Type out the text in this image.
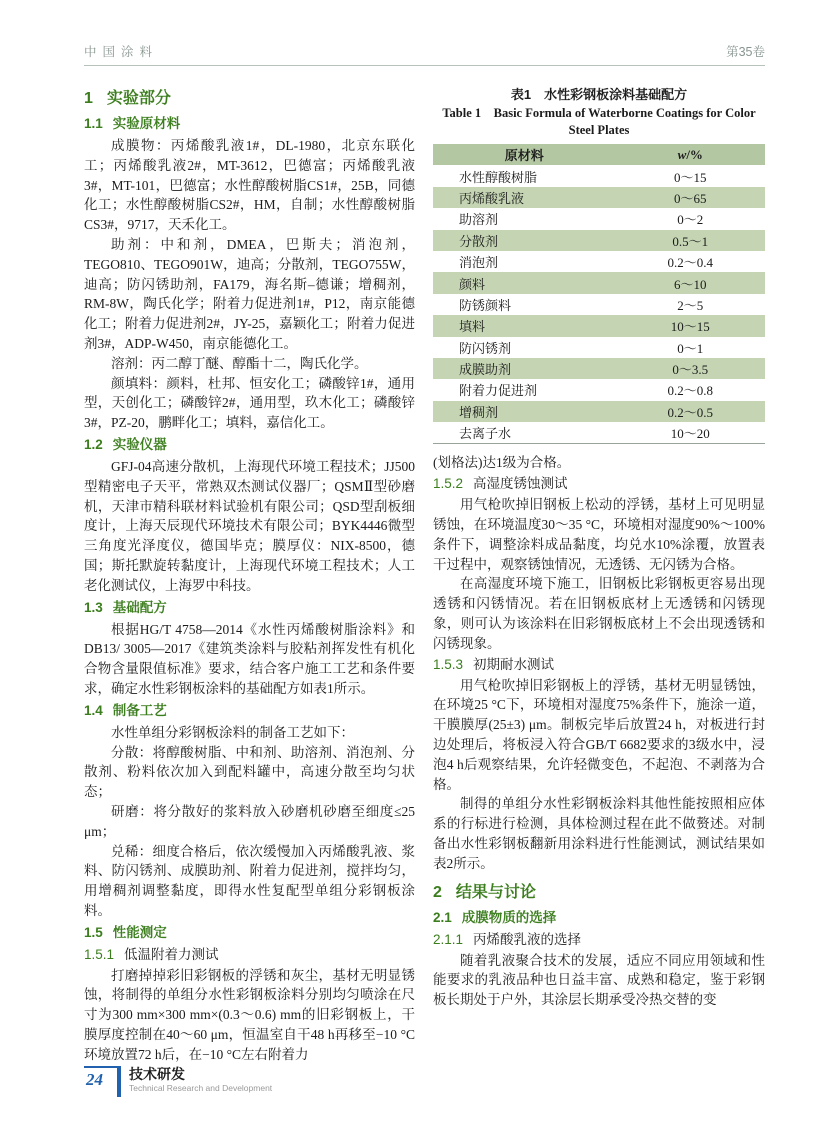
中国涂料	第35卷
1 实验部分
1.1 实验原材料

成膜物：丙烯酸乳液1#，DL-1980，北京东联化工；丙烯酸乳液2#，MT-3612，巴德富；丙烯酸乳液3#，MT-101，巴德富；水性醇酸树脂CS1#，25B，同德化工；水性醇酸树脂CS2#，HM，自制；水性醇酸树脂CS3#，9717，天禾化工。

助剂：中和剂，DMEA，巴斯夫；消泡剂，TEGO810、TEGO901W，迪高；分散剂，TEGO755W，迪高；防闪锈助剂，FA179，海名斯–德谦；增稠剂，RM-8W，陶氏化学；附着力促进剂1#，P12，南京能德化工；附着力促进剂2#，JY-25，嘉颖化工；附着力促进剂3#，ADP-W450，南京能德化工。

溶剂：丙二醇丁醚、醇酯十二，陶氏化学。

颜填料：颜料，杜邦、恒安化工；磷酸锌1#，通用型，天创化工；磷酸锌2#，通用型，玖木化工；磷酸锌3#，PZ-20，鹏畔化工；填料，嘉信化工。

1.2 实验仪器

GFJ-04高速分散机，上海现代环境工程技术；JJ500型精密电子天平，常熟双杰测试仪器厂；QSMⅡ型砂磨机，天津市精科联材料试验机有限公司；QSD型刮板细度计，上海天辰现代环境技术有限公司；BYK4446微型三角度光泽度仪，德国毕克；膜厚仪：NIX-8500，德国；斯托默旋转黏度计，上海现代环境工程技术；人工老化测试仪，上海罗中科技。

1.3 基础配方

根据HG/T 4758—2014《水性丙烯酸树脂涂料》和DB13/ 3005—2017《建筑类涂料与胶粘剂挥发性有机化合物含量限值标准》要求，结合客户施工工艺和条件要求，确定水性彩钢板涂料的基础配方如表1所示。

1.4 制备工艺

水性单组分彩钢板涂料的制备工艺如下：

分散：将醇酸树脂、中和剂、助溶剂、消泡剂、分散剂、粉料依次加入到配料罐中，高速分散至均匀状态；

研磨：将分散好的浆料放入砂磨机砂磨至细度≤25 μm；

兑稀：细度合格后，依次缓慢加入丙烯酸乳液、浆料、防闪锈剂、成膜助剂、附着力促进剂，搅拌均匀，用增稠剂调整黏度，即得水性复配型单组分彩钢板涂料。

1.5 性能测定
1.5.1 低温附着力测试

打磨掉掉彩旧彩钢板的浮锈和灰尘，基材无明显锈蚀，将制得的单组分水性彩钢板涂料分别均匀喷涂在尺寸为300 mm×300 mm×(0.3～0.6) mm的旧彩钢板上，干膜厚度控制在40～60 μm，恒温室自干48 h再移至−10 °C环境放置72 h后，在−10 °C左右附着力

表1　水性彩钢板涂料基础配方
Table 1　Basic Formula of Waterborne Coatings for Color Steel Plates
原材料	w/%
水性醇酸树脂	0～15
丙烯酸乳液	0～65
助溶剂	0～2
分散剂	0.5～1
消泡剂	0.2～0.4
颜料	6～10
防锈颜料	2～5
填料	10～15
防闪锈剂	0～1
成膜助剂	0～3.5
附着力促进剂	0.2～0.8
增稠剂	0.2～0.5
去离子水	10～20

(划格法)达1级为合格。

1.5.2 高湿度锈蚀测试

用气枪吹掉旧钢板上松动的浮锈，基材上可见明显锈蚀，在环境温度30～35 °C，环境相对湿度90%～100%条件下，调整涂料成品黏度，均兑水10%涂覆，放置表干过程中，观察锈蚀情况，无透锈、无闪锈为合格。

在高湿度环境下施工，旧钢板比彩钢板更容易出现透锈和闪锈情况。若在旧钢板底材上无透锈和闪锈现象，则可认为该涂料在旧彩钢板底材上不会出现透锈和闪锈现象。

1.5.3 初期耐水测试

用气枪吹掉旧彩钢板上的浮锈，基材无明显锈蚀，在环境25 °C下，环境相对湿度75%条件下，施涂一道，干膜膜厚(25±3) μm。制板完毕后放置24 h，对板进行封边处理后，将板浸入符合GB/T 6682要求的3级水中，浸泡4 h后观察结果，允许轻微变色，不起泡、不剥落为合格。

制得的单组分水性彩钢板涂料其他性能按照相应体系的行标进行检测，具体检测过程在此不做赘述。对制备出水性彩钢板翻新用涂料进行性能测试，测试结果如表2所示。

2 结果与讨论
2.1 成膜物质的选择
2.1.1 丙烯酸乳液的选择

随着乳液聚合技术的发展，适应不同应用领域和性能要求的乳液品种也日益丰富、成熟和稳定，鉴于彩钢板长期处于户外，其涂层长期承受冷热交替的变

24	技术研发
Technical Research and Development
